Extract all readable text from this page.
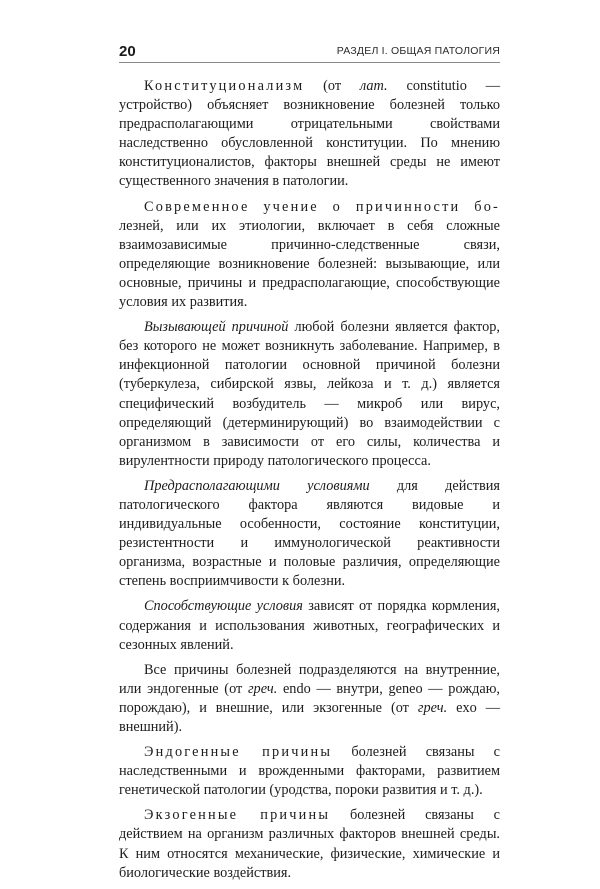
20	РАЗДЕЛ I. ОБЩАЯ ПАТОЛОГИЯ

Конституционализм (от лат. constitutio — устройство) объясняет возникновение болезней только предрасполагающими отрицательными свойствами наследственно обусловленной конституции. По мнению конституционалистов, факторы внешней среды не имеют существенного значения в патологии.

Современное учение о причинности бо-лезней, или их этиологии, включает в себя сложные взаимозависимые причинно-следственные связи, определяющие возникновение болезней: вызывающие, или основные, причины и предрасполагающие, способствующие условия их развития.

Вызывающей причиной любой болезни является фактор, без которого не может возникнуть заболевание. Например, в инфекционной патологии основной причиной болезни (туберкулеза, сибирской язвы, лейкоза и т. д.) является специфический возбудитель — микроб или вирус, определяющий (детерминирующий) во взаимодействии с организмом в зависимости от его силы, количества и вирулентности природу патологического процесса.

Предрасполагающими условиями для действия патологического фактора являются видовые и индивидуальные особенности, состояние конституции, резистентности и иммунологической реактивности организма, возрастные и половые различия, определяющие степень восприимчивости к болезни.

Способствующие условия зависят от порядка кормления, содержания и использования животных, географических и сезонных явлений.

Все причины болезней подразделяются на внутренние, или эндогенные (от греч. endo — внутри, geneo — рождаю, порождаю), и внешние, или экзогенные (от греч. exo — внешний).

Эндогенные причины болезней связаны с наследственными и врожденными факторами, развитием генетической патологии (уродства, пороки развития и т. д.).

Экзогенные причины болезней связаны с действием на организм различных факторов внешней среды. К ним относятся механические, физические, химические и биологические воздействия.
